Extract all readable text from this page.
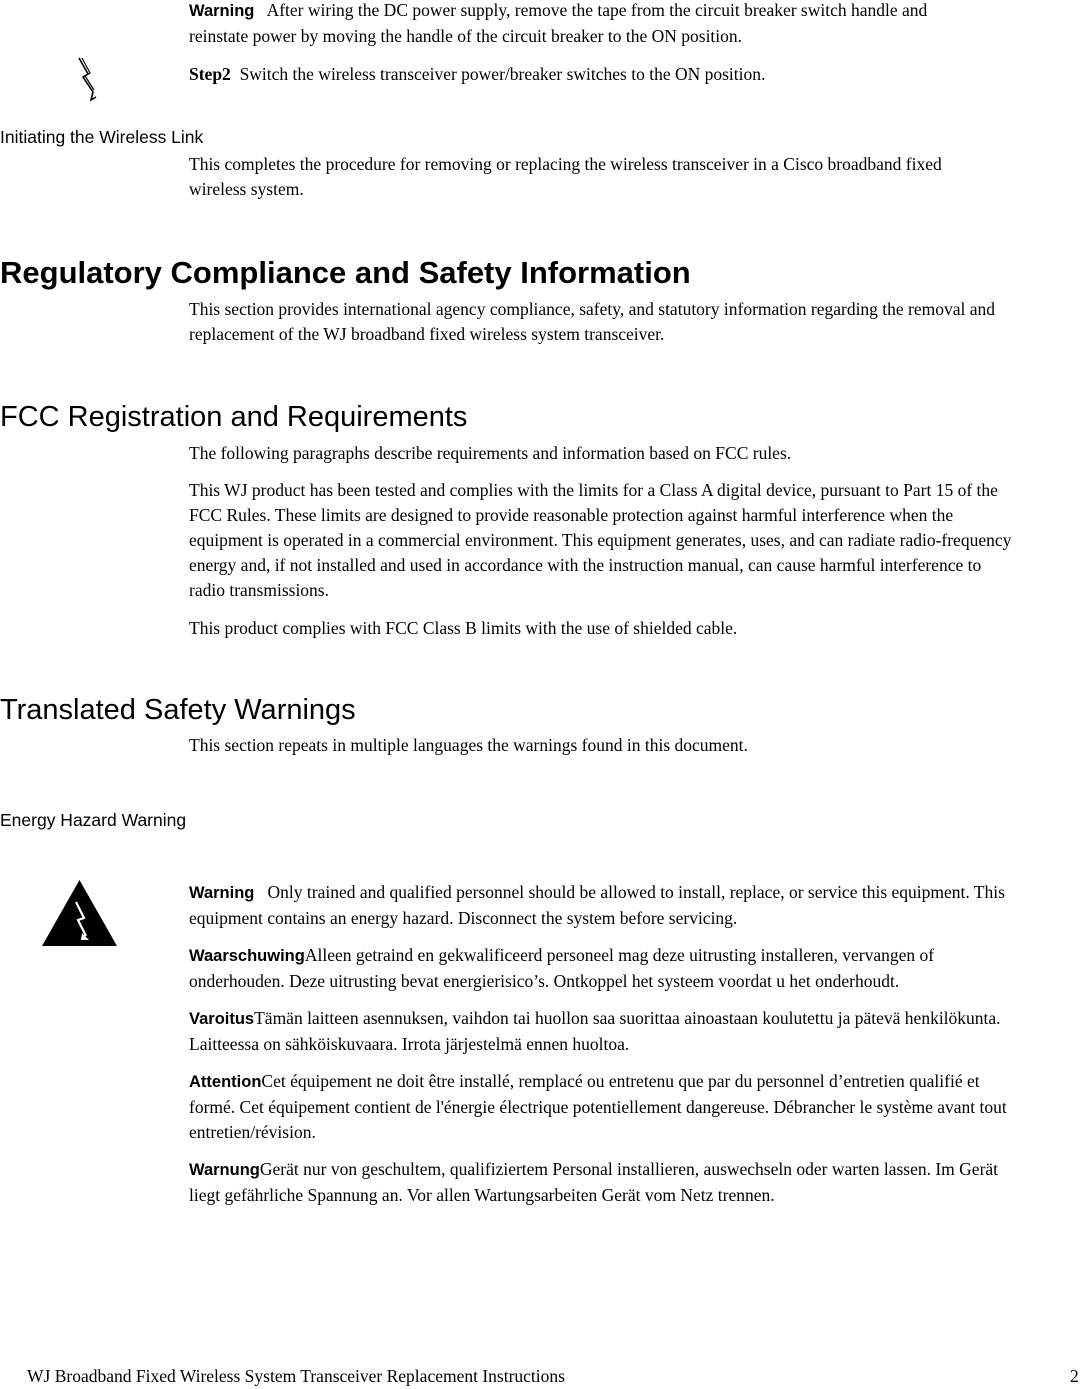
Warning After wiring the DC power supply, remove the tape from the circuit breaker switch handle and reinstate power by moving the handle of the circuit breaker to the ON position.

Step2 Switch the wireless transceiver power/breaker switches to the ON position.

Initiating the Wireless Link
This completes the procedure for removing or replacing the wireless transceiver in a Cisco broadband fixed wireless system.
Regulatory Compliance and Safety Information
This section provides international agency compliance, safety, and statutory information regarding the removal and replacement of the WJ broadband fixed wireless system transceiver.
FCC Registration and Requirements
The following paragraphs describe requirements and information based on FCC rules.
This WJ product has been tested and complies with the limits for a Class A digital device, pursuant to Part 15 of the FCC Rules. These limits are designed to provide reasonable protection against harmful interference when the equipment is operated in a commercial environment. This equipment generates, uses, and can radiate radio-frequency energy and, if not installed and used in accordance with the instruction manual, can cause harmful interference to radio transmissions.
This product complies with FCC Class B limits with the use of shielded cable.
Translated Safety Warnings
This section repeats in multiple languages the warnings found in this document.
Energy Hazard Warning

Warning Only trained and qualified personnel should be allowed to install, replace, or service this equipment. This equipment contains an energy hazard. Disconnect the system before servicing.

WaarschuwingAlleen getraind en gekwalificeerd personeel mag deze uitrusting installeren, vervangen of onderhouden. Deze uitrusting bevat energierisico’s. Ontkoppel het systeem voordat u het onderhoudt.

VaroitusTämän laitteen asennuksen, vaihdon tai huollon saa suorittaa ainoastaan koulutettu ja pätevä henkilökunta. Laitteessa on sähköiskuvaara. Irrota järjestelmä ennen huoltoa.

AttentionCet équipement ne doit être installé, remplacé ou entretenu que par du personnel d’entretien qualifié et formé. Cet équipement contient de l'énergie électrique potentiellement dangereuse. Débrancher le système avant tout entretien/révision.

WarnungGerät nur von geschultem, qualifiziertem Personal installieren, auswechseln oder warten lassen. Im Gerät liegt gefährliche Spannung an. Vor allen Wartungsarbeiten Gerät vom Netz trennen.

WJ Broadband Fixed Wireless System Transceiver Replacement Instructions	2
